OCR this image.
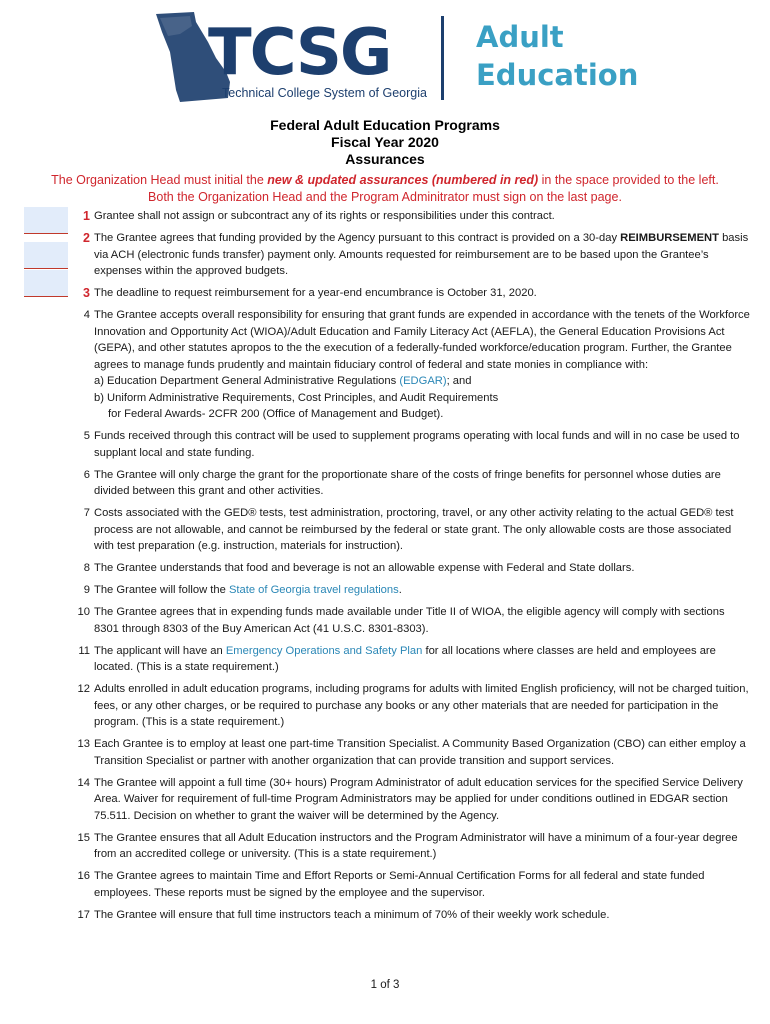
TCSG
Technical College System of Georgia
Adult
Education
Federal Adult Education Programs
Fiscal Year 2020
Assurances
The Organization Head must initial the new & updated assurances (numbered in red) in the space provided to the left.
Both the Organization Head and the Program Adminitrator must sign on the last page.
1 Grantee shall not assign or subcontract any of its rights or responsibilities under this contract.
2 The Grantee agrees that funding provided by the Agency pursuant to this contract is provided on a 30-day REIMBURSEMENT basis via ACH (electronic funds transfer) payment only. Amounts requested for reimbursement are to be based upon the Grantee’s expenses within the approved budgets.
3 The deadline to request reimbursement for a year-end encumbrance is October 31, 2020.
4 The Grantee accepts overall responsibility for ensuring that grant funds are expended in accordance with the tenets of the Workforce Innovation and Opportunity Act (WIOA)/Adult Education and Family Literacy Act (AEFLA), the General Education Provisions Act (GEPA), and other statutes apropos to the the execution of a federally-funded workforce/education program. Further, the Grantee agrees to manage funds prudently and maintain fiduciary control of federal and state monies in compliance with:
a) Education Department General Administrative Regulations (EDGAR); and
b) Uniform Administrative Requirements, Cost Principles, and Audit Requirements
for Federal Awards- 2CFR 200 (Office of Management and Budget).
5 Funds received through this contract will be used to supplement programs operating with local funds and will in no case be used to supplant local and state funding.
6 The Grantee will only charge the grant for the proportionate share of the costs of fringe benefits for personnel whose duties are divided between this grant and other activities.
7 Costs associated with the GED® tests, test administration, proctoring, travel, or any other activity relating to the actual GED® test process are not allowable, and cannot be reimbursed by the federal or state grant. The only allowable costs are those associated with test preparation (e.g. instruction, materials for instruction).
8 The Grantee understands that food and beverage is not an allowable expense with Federal and State dollars.
9 The Grantee will follow the State of Georgia travel regulations.
10 The Grantee agrees that in expending funds made available under Title II of WIOA, the eligible agency will comply with sections 8301 through 8303 of the Buy American Act (41 U.S.C. 8301-8303).
11 The applicant will have an Emergency Operations and Safety Plan for all locations where classes are held and employees are located. (This is a state requirement.)
12 Adults enrolled in adult education programs, including programs for adults with limited English proficiency, will not be charged tuition, fees, or any other charges, or be required to purchase any books or any other materials that are needed for participation in the program. (This is a state requirement.)
13 Each Grantee is to employ at least one part-time Transition Specialist. A Community Based Organization (CBO) can either employ a Transition Specialist or partner with another organization that can provide transition and support services.
14 The Grantee will appoint a full time (30+ hours) Program Administrator of adult education services for the specified Service Delivery Area. Waiver for requirement of full-time Program Administrators may be applied for under conditions outlined in EDGAR section 75.511. Decision on whether to grant the waiver will be determined by the Agency.
15 The Grantee ensures that all Adult Education instructors and the Program Administrator will have a minimum of a four-year degree from an accredited college or university. (This is a state requirement.)
16 The Grantee agrees to maintain Time and Effort Reports or Semi-Annual Certification Forms for all federal and state funded employees. These reports must be signed by the employee and the supervisor.
17 The Grantee will ensure that full time instructors teach a minimum of 70% of their weekly work schedule.
1 of 3
